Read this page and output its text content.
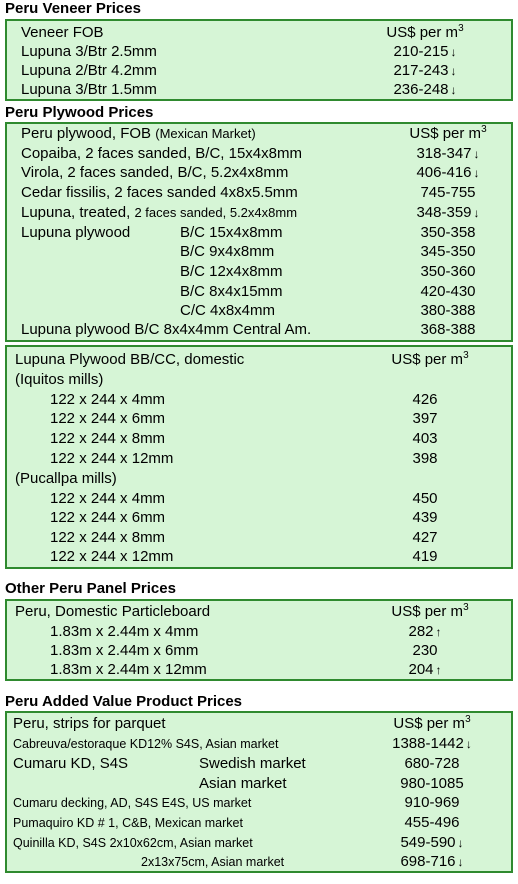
Peru Veneer Prices
Veneer FOB	US$ per $m^3$
Lupuna 3/Btr 2.5mm	210-215 ↓
Lupuna 2/Btr 4.2mm	217-243 ↓
Lupuna 3/Btr 1.5mm	236-248 ↓
Peru Plywood Prices
Peru plywood, FOB (Mexican Market)	US$ per $m^3$
Copaiba, 2 faces sanded, B/C, 15x4x8mm	318-347 ↓
Virola, 2 faces sanded, B/C, 5.2x4x8mm	406-416 ↓
Cedar fissilis, 2 faces sanded 4x8x5.5mm	745-755
Lupuna, treated, 2 faces sanded, 5.2x4x8mm	348-359 ↓
Lupuna plywood	B/C 15x4x8mm	350-358
B/C 9x4x8mm	345-350
B/C 12x4x8mm	350-360
B/C 8x4x15mm	420-430
C/C 4x8x4mm	380-388
Lupuna plywood B/C 8x4x4mm Central Am.	368-388
Lupuna Plywood BB/CC, domestic	US$ per $m^3$
(Iquitos mills)
122 x 244 x 4mm	426
122 x 244 x 6mm	397
122 x 244 x 8mm	403
122 x 244 x 12mm	398
(Pucallpa mills)
122 x 244 x 4mm	450
122 x 244 x 6mm	439
122 x 244 x 8mm	427
122 x 244 x 12mm	419
Other Peru Panel Prices
Peru, Domestic Particleboard	US$ per $m^3$
1.83m x 2.44m x 4mm	282 ↑
1.83m x 2.44m x 6mm	230
1.83m x 2.44m x 12mm	204 ↑
Peru Added Value Product Prices
Peru, strips for parquet	US$ per $m^3$
Cabreuva/estoraque KD12% S4S, Asian market	1388-1442 ↓
Cumaru KD, S4S	Swedish market	680-728
Asian market	980-1085
Cumaru decking, AD, S4S E4S, US market	910-969
Pumaquiro KD # 1, C&B, Mexican market	455-496
Quinilla KD, S4S 2x10x62cm, Asian market	549-590 ↓
2x13x75cm, Asian market	698-716 ↓
